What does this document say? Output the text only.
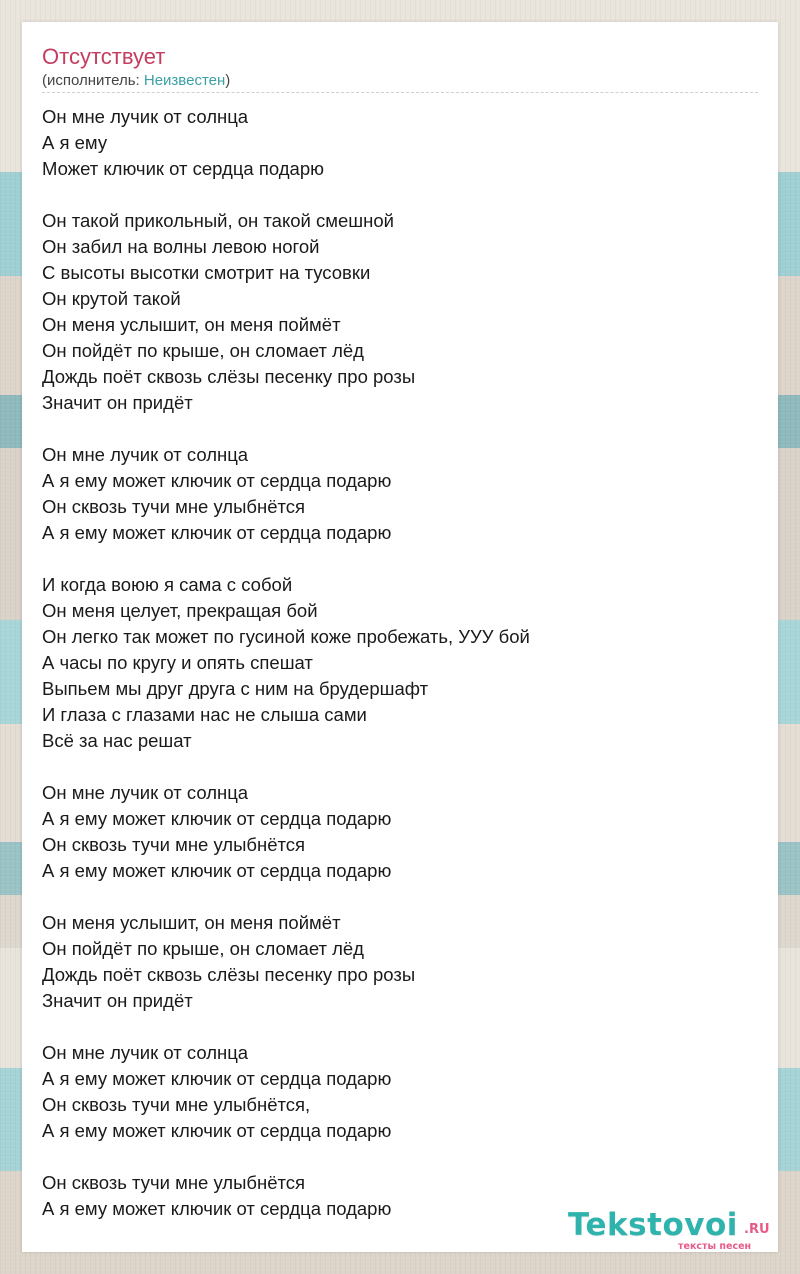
Отсутствует
(исполнитель: Неизвестен)
Он мне лучик от солнца
А я ему
Может ключик от сердца подарю

Он такой прикольный, он такой смешной
Он забил на волны левою ногой
С высоты высотки смотрит на тусовки
Он крутой такой
Он меня услышит, он меня поймёт
Он пойдёт по крыше, он сломает лёд
Дождь поёт сквозь слёзы песенку про розы
Значит он придёт

Он мне лучик от солнца
А я ему может ключик от сердца подарю
Он сквозь тучи мне улыбнётся
А я ему может ключик от сердца подарю

И когда воюю я сама с собой
Он меня целует, прекращая бой
Он легко так может по гусиной коже пробежать, УУУ бой
А часы по кругу и опять спешат
Выпьем мы друг друга с ним на брудершафт
И глаза с глазами нас не слыша сами
Всё за нас решат

Он мне лучик от солнца
А я ему может ключик от сердца подарю
Он сквозь тучи мне улыбнётся
А я ему может ключик от сердца подарю

Он меня услышит, он меня поймёт
Он пойдёт по крыше, он сломает лёд
Дождь поёт сквозь слёзы песенку про розы
Значит он придёт

Он мне лучик от солнца
А я ему может ключик от сердца подарю
Он сквозь тучи мне улыбнётся,
А я ему может ключик от сердца подарю

Он сквозь тучи мне улыбнётся
А я ему может ключик от сердца подарю	Tekstovoi .RU
тексты песен
